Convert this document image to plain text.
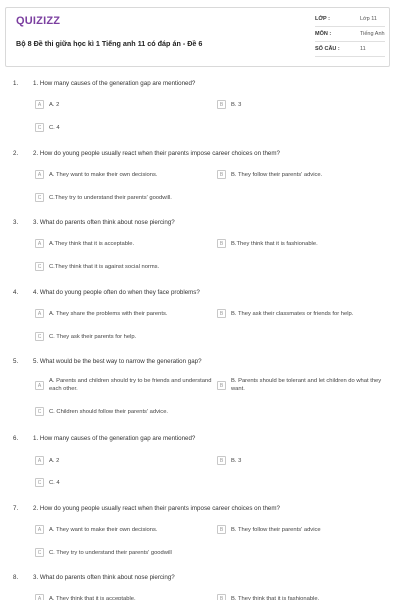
QUIZIZZ
Bộ 8 Đề thi giữa học kì 1 Tiếng anh 11 có đáp án - Đề 6
LỚP :	Lớp 11
MÔN :	Tiếng Anh
SỐ CÂU :	11
1. 1. How many causes of the generation gap are mentioned?
A	A. 2	B	B. 3
C	C. 4
2. 2. How do young people usually react when their parents impose career choices on them?
A	A. They want to make their own decisions.	B	B. They follow their parents' advice.
C	C.They try to understand their parents' goodwill.
3. 3. What do parents often think about nose piercing?
A	A.They think that it is acceptable.	B	B.They think that it is fashionable.
C	C.They think that it is against social norms.
4. 4. What do young people often do when they face problems?
A	A. They share the problems with their parents.	B	B. They ask their classmates or friends for help.
C	C. They ask their parents for help.
5. 5. What would be the best way to narrow the generation gap?
A
A. Parents and children should try to be friends and understand each other.
B
B. Parents should be tolerant and let children do what they want.
C	C. Children should follow their parents' advice.
6. 1. How many causes of the generation gap are mentioned?
A	A. 2	B	B. 3
C	C. 4
7. 2. How do young people usually react when their parents impose career choices on them?
A	A. They want to make their own decisions.	B	B. They follow their parents' advice
C	C. They try to understand their parents' goodwill
8. 3. What do parents often think about nose piercing?
A	A. They think that it is acceptable.	B	B. They think that it is fashionable.
